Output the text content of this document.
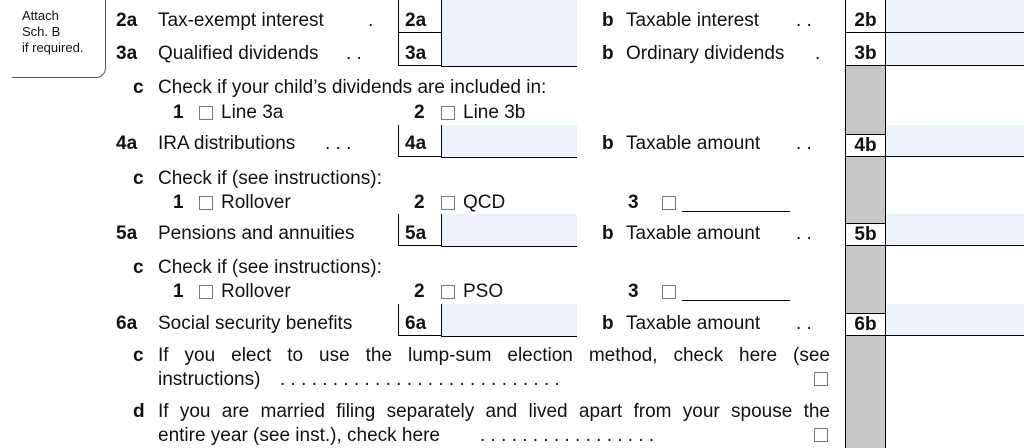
Attach
Sch. B
if required.
2a Tax-exempt interest .	2a	b Taxable interest . .	2b
3a Qualified dividends . .	3a	b Ordinary dividends .	3b
c Check if your child’s dividends are included in:
1 Line 3a	2 Line 3b
4a IRA distributions . . .	4a	b Taxable amount . .	4b
c Check if (see instructions):
1 Rollover	2 QCD	3
5a Pensions and annuities	5a	b Taxable amount . .	5b
c Check if (see instructions):
1 Rollover	2 PSO	3
6a Social security benefits	6a	b Taxable amount . .	6b
c If you elect to use the lump-sum election method, check here (see
instructions) . . . . . . . . . . . . . . . . . . . . . . . . . . .
d If you are married filing separately and lived apart from your spouse the
entire year (see inst.), check here . . . . . . . . . . . . . . . . .
